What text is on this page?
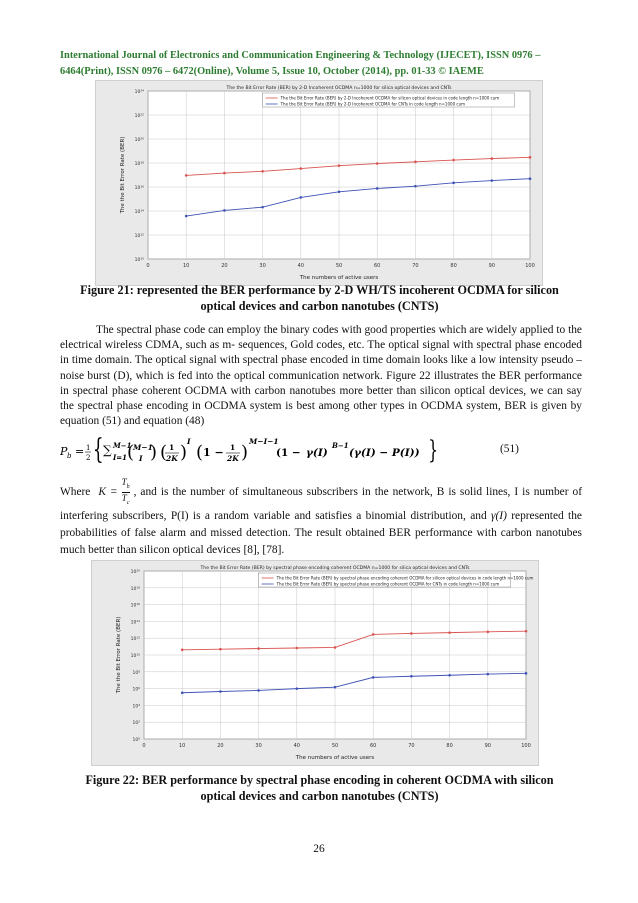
International Journal of Electronics and Communication Engineering & Technology (IJECET), ISSN 0976 – 6464(Print), ISSN 0976 – 6472(Online), Volume 5, Issue 10, October (2014), pp. 01-33 © IAEME
10¹⁰
10¹²
10¹⁴
10¹⁶
10¹⁸
10²⁰
10²²
10²⁴
0	10	20	30	40	50	60	70	80	90	100
The numbers of active users
The the Bit Error Rate (BER)
The the Bit Error Rate (BER) by 2-D Incoherent OCDMA n=1000 for silica optical devices and CNTs
The the Bit Error Rate (BER) by 2-D Incoherent OCDMA for silicon optical devices in code length n=1000 cum
The the Bit Error Rate (BER) by 2-D Incoherent OCDMA for CNTs in code length n=1000 cum
Figure 21: represented the BER performance by 2-D WH/TS incoherent OCDMA for silicon
optical devices and carbon nanotubes (CNTS)
The spectral phase code can employ the binary codes with good properties which are widely applied to the electrical wireless CDMA, such as m- sequences, Gold codes, etc. The optical signal with spectral phase encoded in time domain. The optical signal with spectral phase encoded in time domain looks like a low intensity pseudo – noise burst (D), which is fed into the optical communication network. Figure 22 illustrates the BER performance in spectral phase coherent OCDMA with carbon nanotubes more better than silicon optical devices, we can say the spectral phase encoding in OCDMA system is best among other types in OCDMA system, BER is given by equation (51) and equation (48)
P b = 1
2 { ∑ M−1
I=1 (
M−1
I ) ( 1
2K )
I
( 1 − 1
2K )
M−I−1
(1 − γ(I)
B−1
(γ(I) − P(I)) }	(51)
Where  $K = \frac{T_b}{T_c}$ , and is the number of simultaneous subscribers in the network, B is solid lines, I is number of interfering subscribers, P(I) is a random variable and satisfies a binomial distribution, and γ(I) represented the probabilities of false alarm and missed detection. The result obtained BER performance with carbon nanotubes much better than silicon optical devices [8], [78].
10⁰
10²
10⁴
10⁶
10⁸
10¹⁰
10¹²
10¹⁴
10¹⁶
10¹⁸
10²⁰
0	10	20	30	40	50	60	70	80	90	100
The numbers of active users
The the Bit Error Rate (BER)
The the Bit Error Rate (BER) by spectral phase encoding coherent OCDMA n=1000 for silica optical devices and CNTs
The the Bit Error Rate (BER) by spectral phase encoding coherent OCDMA for silicon optical devices in code length n=1000 cum
The the Bit Error Rate (BER) by spectral phase encoding coherent OCDMA for CNTs in code length n=1000 cum
Figure 22: BER performance by spectral phase encoding in coherent OCDMA with silicon
optical devices and carbon nanotubes (CNTS)
26
